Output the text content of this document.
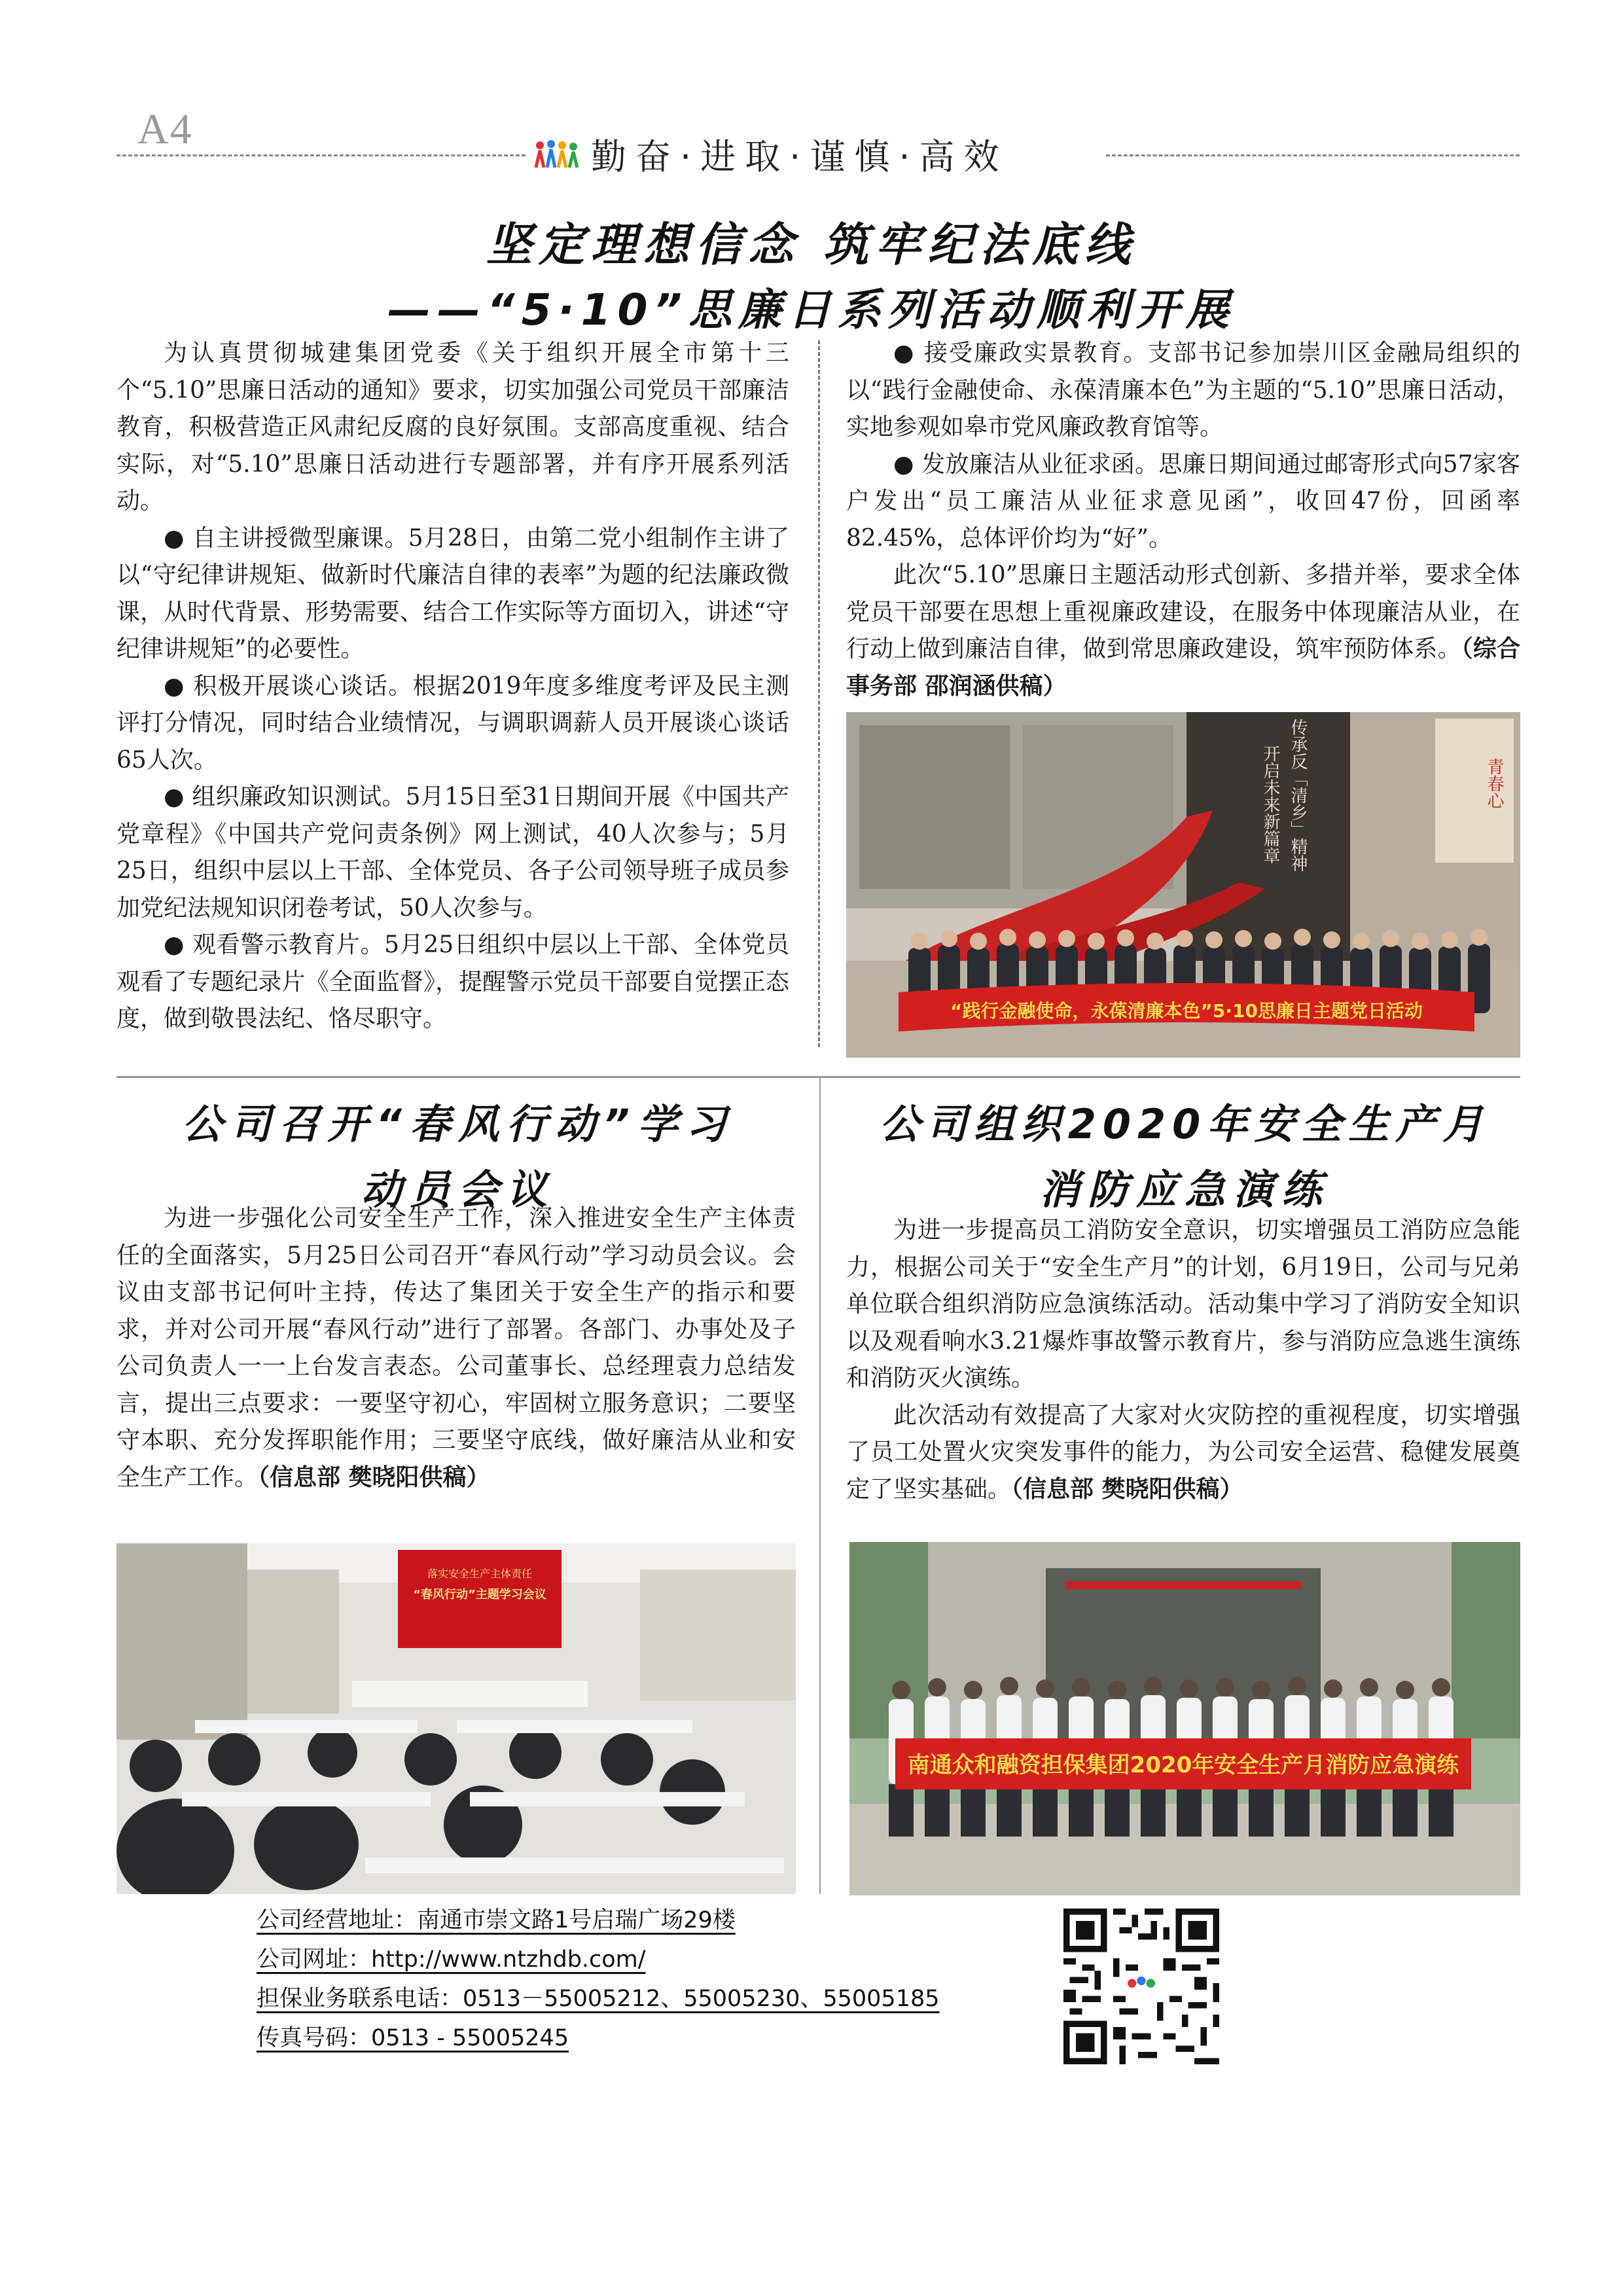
A4
勤奋·进取·谨慎·高效
坚定理想信念 筑牢纪法底线
——“5·10”思廉日系列活动顺利开展

为认真贯彻城建集团党委《关于组织开展全市第十三个“5.10”思廉日活动的通知》要求，切实加强公司党员干部廉洁教育，积极营造正风肃纪反腐的良好氛围。支部高度重视、结合实际，对“5.10”思廉日活动进行专题部署，并有序开展系列活动。

● 自主讲授微型廉课。5月28日，由第二党小组制作主讲了以“守纪律讲规矩、做新时代廉洁自律的表率”为题的纪法廉政微课，从时代背景、形势需要、结合工作实际等方面切入，讲述“守纪律讲规矩”的必要性。

● 积极开展谈心谈话。根据2019年度多维度考评及民主测评打分情况，同时结合业绩情况，与调职调薪人员开展谈心谈话65人次。

● 组织廉政知识测试。5月15日至31日期间开展《中国共产党章程》《中国共产党问责条例》网上测试，40人次参与；5月25日，组织中层以上干部、全体党员、各子公司领导班子成员参加党纪法规知识闭卷考试，50人次参与。

● 观看警示教育片。5月25日组织中层以上干部、全体党员观看了专题纪录片《全面监督》，提醒警示党员干部要自觉摆正态度，做到敬畏法纪、恪尽职守。

● 接受廉政实景教育。支部书记参加崇川区金融局组织的以“践行金融使命、永葆清廉本色”为主题的“5.10”思廉日活动，实地参观如皋市党风廉政教育馆等。

● 发放廉洁从业征求函。思廉日期间通过邮寄形式向57家客户发出“员工廉洁从业征求意见函”，收回47份，回函率82.45%，总体评价均为“好”。

此次“5.10”思廉日主题活动形式创新、多措并举，要求全体党员干部要在思想上重视廉政建设，在服务中体现廉洁从业，在行动上做到廉洁自律，做到常思廉政建设，筑牢预防体系。（综合事务部 邵润涵供稿）

青春心
传承反「清乡」精神
开启未来新篇章
“践行金融使命，永葆清廉本色”5·10思廉日主题党日活动
公司召开“春风行动”学习
动员会议

为进一步强化公司安全生产工作，深入推进安全生产主体责任的全面落实，5月25日公司召开“春风行动”学习动员会议。会议由支部书记何叶主持，传达了集团关于安全生产的指示和要求，并对公司开展“春风行动”进行了部署。各部门、办事处及子公司负责人一一上台发言表态。公司董事长、总经理袁力总结发言，提出三点要求：一要坚守初心，牢固树立服务意识；二要坚守本职、充分发挥职能作用；三要坚守底线，做好廉洁从业和安全生产工作。（信息部 樊晓阳供稿）

落实安全生产主体责任
“春风行动”主题学习会议
公司组织2020年安全生产月
消防应急演练

为进一步提高员工消防安全意识，切实增强员工消防应急能力，根据公司关于“安全生产月”的计划，6月19日，公司与兄弟单位联合组织消防应急演练活动。活动集中学习了消防安全知识以及观看响水3.21爆炸事故警示教育片，参与消防应急逃生演练和消防灭火演练。

此次活动有效提高了大家对火灾防控的重视程度，切实增强了员工处置火灾突发事件的能力，为公司安全运营、稳健发展奠定了坚实基础。（信息部 樊晓阳供稿）

南通众和融资担保集团2020年安全生产月消防应急演练
公司经营地址：南通市崇文路1号启瑞广场29楼
公司网址：http://www.ntzhdb.com/
担保业务联系电话：0513－55005212、55005230、55005185
传真号码：0513 - 55005245
